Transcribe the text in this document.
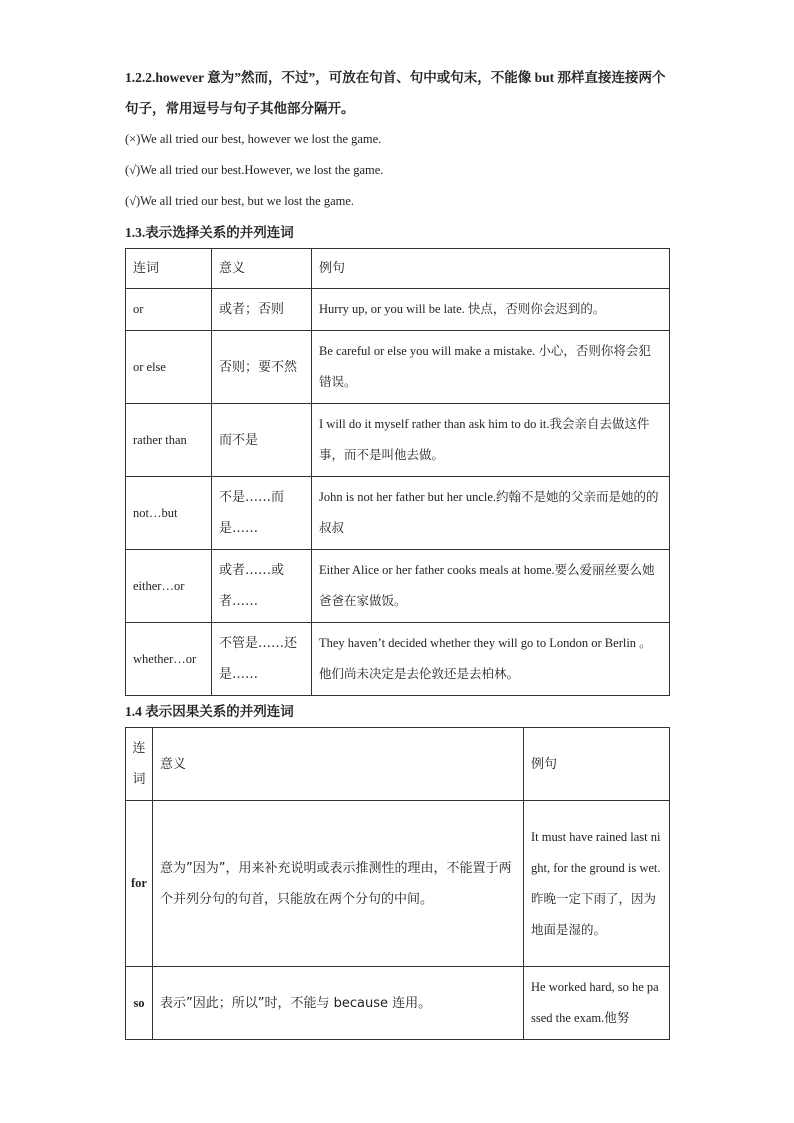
1.2.2.however 意为”然而，不过”，可放在句首、句中或句末，不能像 but 那样直接连接两个句子，常用逗号与句子其他部分隔开。

(×)We all tried our best, however we lost the game.

(√)We all tried our best.However, we lost the game.

(√)We all tried our best, but we lost the game.

1.3.表示选择关系的并列连词

连词	意义	例句
or	或者；否则	Hurry up, or you will be late. 快点，否则你会迟到的。
or else	否则；要不然	Be careful or else you will make a mistake. 小心，否则你将会犯错误。
rather than	而不是	I will do it myself rather than ask him to do it.我会亲自去做这件事，而不是叫他去做。
not…but	不是……而是……	John is not her father but her uncle.约翰不是她的父亲而是她的的叔叔
either…or	或者……或者……	Either Alice or her father cooks meals at home.要么爱丽丝要么她爸爸在家做饭。
whether…or	不管是……还是……	They haven’t decided whether they will go to London or Berlin 。他们尚未决定是去伦敦还是去柏林。

1.4 表示因果关系的并列连词

连词	意义	例句
for	意为”因为”，用来补充说明或表示推测性的理由，不能置于两个并列分句的句首，只能放在两个分句的中间。	It must have rained last night, for the ground is wet.昨晚一定下雨了，因为地面是湿的。
so	表示”因此；所以”时，不能与 because 连用。	He worked hard, so he passed the exam.他努
